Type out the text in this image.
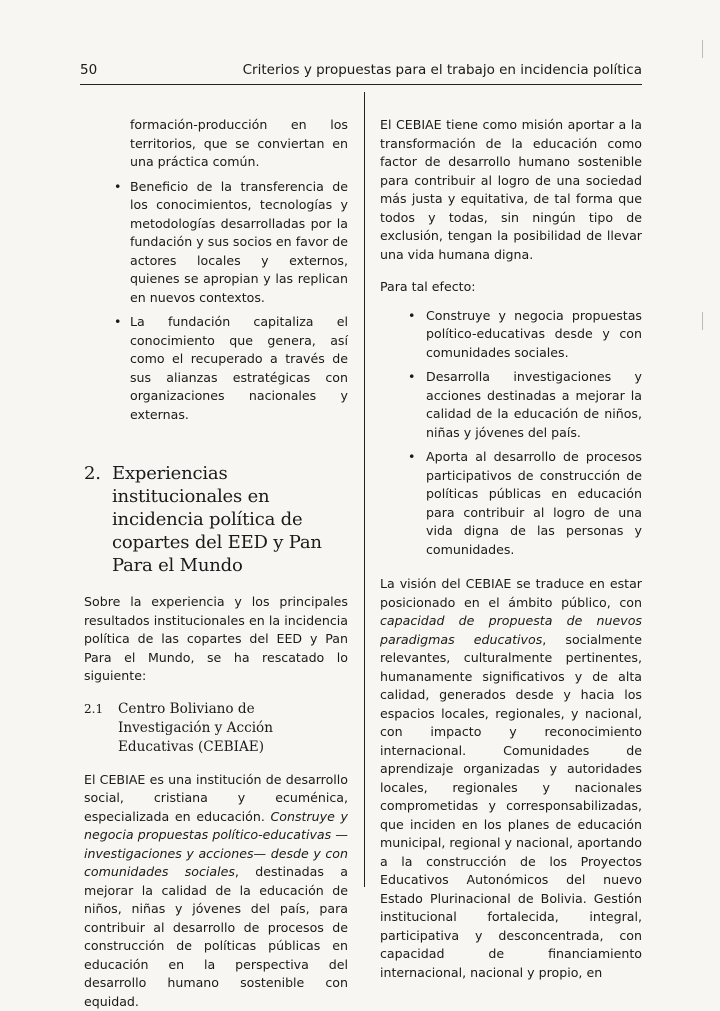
50	Criterios y propuestas para el trabajo en incidencia política

formación-producción en los territorios, que se conviertan en una práctica común.

• Beneficio de la transferencia de los conocimientos, tecnologías y metodologías desarrolladas por la fundación y sus socios en favor de actores locales y externos, quienes se apropian y las replican en nuevos contextos.
• La fundación capitaliza el conocimiento que genera, así como el recuperado a través de sus alianzas estratégicas con organizaciones nacionales y externas.
2. Experiencias institucionales en incidencia política de copartes del EED y Pan Para el Mundo

Sobre la experiencia y los principales resultados institucionales en la incidencia política de las copartes del EED y Pan Para el Mundo, se ha rescatado lo siguiente:

2.1 Centro Boliviano de Investigación y Acción Educativas (CEBIAE)

El CEBIAE es una institución de desarrollo social, cristiana y ecuménica, especializada en educación. Construye y negocia propuestas político-educativas —investigaciones y acciones— desde y con comunidades sociales, destinadas a mejorar la calidad de la educación de niños, niñas y jóvenes del país, para contribuir al desarrollo de procesos de construcción de políticas públicas en educación en la perspectiva del desarrollo humano sostenible con equidad.

El CEBIAE tiene como misión aportar a la transformación de la educación como factor de desarrollo humano sostenible para contribuir al logro de una sociedad más justa y equitativa, de tal forma que todos y todas, sin ningún tipo de exclusión, tengan la posibilidad de llevar una vida humana digna.

Para tal efecto:

• Construye y negocia propuestas político-educativas desde y con comunidades sociales.
• Desarrolla investigaciones y acciones destinadas a mejorar la calidad de la educación de niños, niñas y jóvenes del país.
• Aporta al desarrollo de procesos participativos de construcción de políticas públicas en educación para contribuir al logro de una vida digna de las personas y comunidades.

La visión del CEBIAE se traduce en estar posicionado en el ámbito público, con capacidad de propuesta de nuevos paradigmas educativos, socialmente relevantes, culturalmente pertinentes, humanamente significativos y de alta calidad, generados desde y hacia los espacios locales, regionales, y nacional, con impacto y reconocimiento internacional. Comunidades de aprendizaje organizadas y autoridades locales, regionales y nacionales comprometidas y corresponsabilizadas, que inciden en los planes de educación municipal, regional y nacional, aportando a la construcción de los Proyectos Educativos Autonómicos del nuevo Estado Plurinacional de Bolivia. Gestión institucional fortalecida, integral, participativa y desconcentrada, con capacidad de financiamiento internacional, nacional y propio, en
